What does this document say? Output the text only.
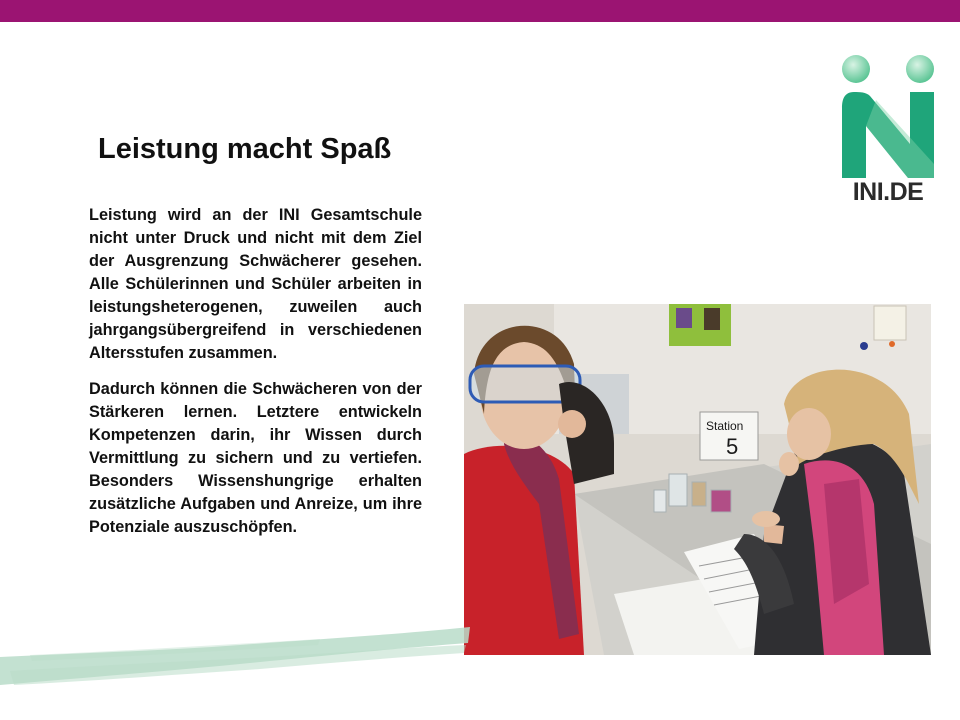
Leistung macht Spaß

Leistung wird an der INI Gesamtschule nicht unter Druck und nicht mit dem Ziel der Ausgrenzung Schwächerer gesehen. Alle Schülerinnen und Schüler arbeiten in leistungsheterogenen, zuweilen auch jahrgangsübergreifend in verschiedenen Altersstufen zusammen.

Dadurch können die Schwächeren von der Stärkeren lernen. Letztere entwickeln Kompetenzen darin, ihr Wissen durch Vermittlung zu sichern und zu vertiefen. Besonders Wissenshungrige erhalten zusätzliche Aufgaben und Anreize, um ihre Potenziale auszuschöpfen.

INI.DE
Station
5
